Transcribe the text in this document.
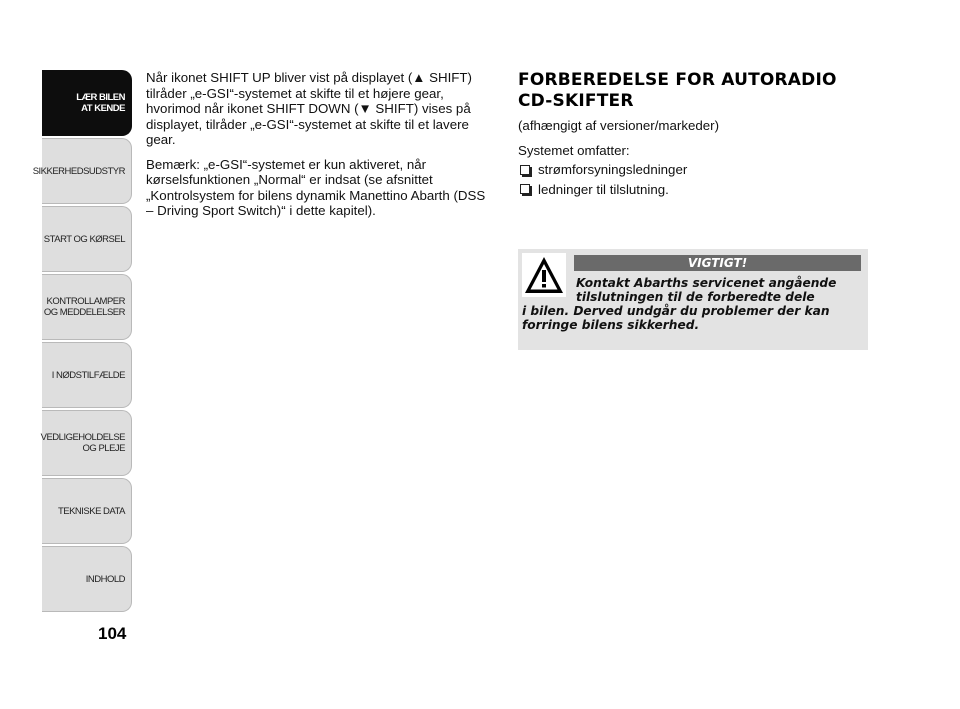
LÆR BILEN
AT KENDE
SIKKERHEDSUDSTYR
START OG KØRSEL
KONTROLLAMPER
OG MEDDELELSER
I NØDSTILFÆLDE
VEDLIGEHOLDELSE
OG PLEJE
TEKNISKE DATA
INDHOLD
104

Når ikonet SHIFT UP bliver vist på displayet (▲ SHIFT) tilråder „e-GSI“-systemet at skifte til et højere gear, hvorimod når ikonet SHIFT DOWN (▼ SHIFT) vises på displayet, tilråder „e-GSI“-systemet at skifte til et lavere gear.

Bemærk: „e-GSI“-systemet er kun aktiveret, når kørselsfunktionen „Normal“ er indsat (se afsnittet „Kontrolsystem for bilens dynamik Manettino Abarth (DSS – Driving Sport Switch)“ i dette kapitel).

FORBEREDELSE FOR AUTORADIO
CD-SKIFTER

(afhængigt af versioner/markeder)

Systemet omfatter:

strømforsyningsledninger
ledninger til tilslutning.
VIGTIGT!
Kontakt Abarths servicenet angående tilslutningen til de forberedte dele
i bilen. Derved undgår du problemer der kan forringe bilens sikkerhed.
